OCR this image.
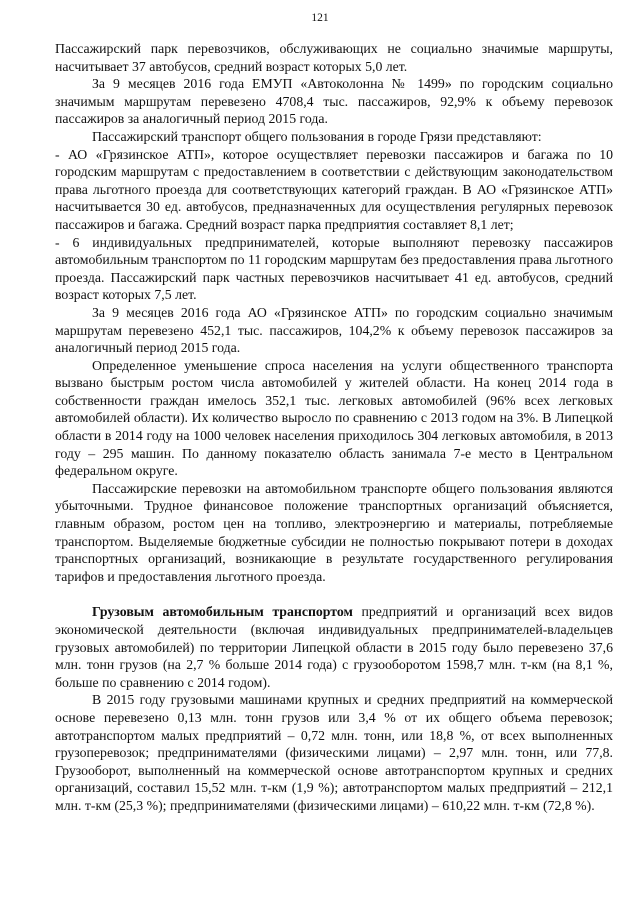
121

Пассажирский парк перевозчиков, обслуживающих не социально значимые маршруты, насчитывает 37 автобусов, средний возраст которых 5,0 лет.

За 9 месяцев 2016 года ЕМУП «Автоколонна № 1499» по городским социально значимым маршрутам перевезено 4708,4 тыс. пассажиров, 92,9% к объему перевозок пассажиров за аналогичный период 2015 года.

Пассажирский транспорт общего пользования в городе Грязи представляют:

- АО «Грязинское АТП», которое осуществляет перевозки пассажиров и багажа по 10 городским маршрутам с предоставлением в соответствии с действующим законодательством права льготного проезда для соответствующих категорий граждан. В АО «Грязинское АТП» насчитывается 30 ед. автобусов, предназначенных для осуществления регулярных перевозок пассажиров и багажа. Средний возраст парка предприятия составляет 8,1 лет;

- 6 индивидуальных предпринимателей, которые выполняют перевозку пассажиров автомобильным транспортом по 11 городским маршрутам без предоставления права льготного проезда. Пассажирский парк частных перевозчиков насчитывает 41 ед. автобусов, средний возраст которых 7,5 лет.

За 9 месяцев 2016 года АО «Грязинское АТП» по городским социально значимым маршрутам перевезено 452,1 тыс. пассажиров, 104,2% к объему перевозок пассажиров за аналогичный период 2015 года.

Определенное уменьшение спроса населения на услуги общественного транспорта вызвано быстрым ростом числа автомобилей у жителей области. На конец 2014 года в собственности граждан имелось 352,1 тыс. легковых автомобилей (96% всех легковых автомобилей области). Их количество выросло по сравнению с 2013 годом на 3%. В Липецкой области в 2014 году на 1000 человек населения приходилось 304 легковых автомобиля, в 2013 году – 295 машин. По данному показателю область занимала 7-е место в Центральном федеральном округе.

Пассажирские перевозки на автомобильном транспорте общего пользования являются убыточными. Трудное финансовое положение транспортных организаций объясняется, главным образом, ростом цен на топливо, электроэнергию и материалы, потребляемые транспортом. Выделяемые бюджетные субсидии не полностью покрывают потери в доходах транспортных организаций, возникающие в результате государственного регулирования тарифов и предоставления льготного проезда.

Грузовым автомобильным транспортом предприятий и организаций всех видов экономической деятельности (включая индивидуальных предпринимателей-владельцев грузовых автомобилей) по территории Липецкой области в 2015 году было перевезено 37,6 млн. тонн грузов (на 2,7 % больше 2014 года) с грузооборотом 1598,7 млн. т-км (на 8,1 %, больше по сравнению с 2014 годом).

В 2015 году грузовыми машинами крупных и средних предприятий на коммерческой основе перевезено 0,13 млн. тонн грузов или 3,4 % от их общего объема перевозок; автотранспортом малых предприятий – 0,72 млн. тонн, или 18,8 %, от всех выполненных грузоперевозок; предпринимателями (физическими лицами) – 2,97 млн. тонн, или 77,8. Грузооборот, выполненный на коммерческой основе автотранспортом крупных и средних организаций, составил 15,52 млн. т-км (1,9 %); автотранспортом малых предприятий – 212,1 млн. т-км (25,3 %); предпринимателями (физическими лицами) – 610,22 млн. т-км (72,8 %).
